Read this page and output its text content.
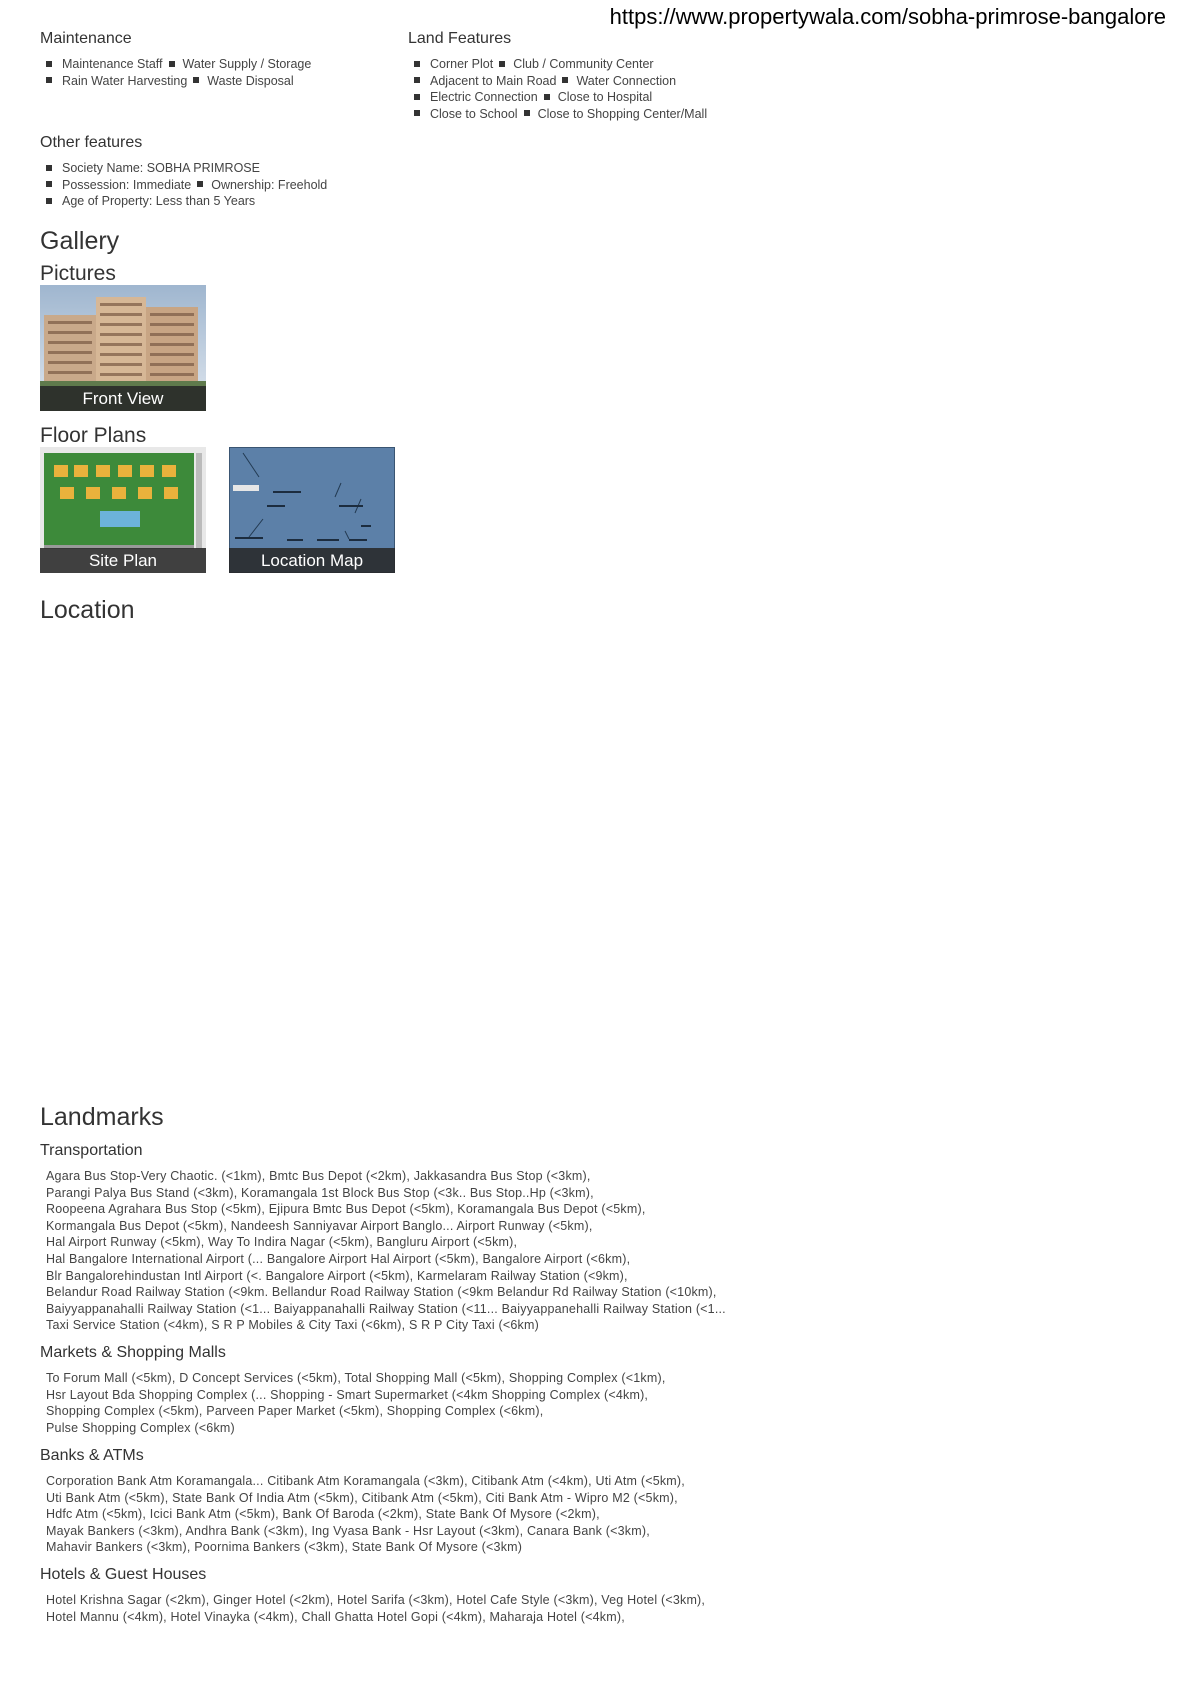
https://www.propertywala.com/sobha-primrose-bangalore
Maintenance
Maintenance Staff Water Supply / Storage
Rain Water Harvesting Waste Disposal
Land Features
Corner Plot Club / Community Center
Adjacent to Main Road Water Connection
Electric Connection Close to Hospital
Close to School Close to Shopping Center/Mall
Other features
Society Name: SOBHA PRIMROSE
Possession: Immediate Ownership: Freehold
Age of Property: Less than 5 Years
Gallery
Pictures
Front View
Floor Plans
Site Plan	Location Map
Location
Landmarks
Transportation
Agara Bus Stop-Very Chaotic. (<1km), Bmtc Bus Depot (<2km), Jakkasandra Bus Stop (<3km),
Parangi Palya Bus Stand (<3km), Koramangala 1st Block Bus Stop (<3k.. Bus Stop..Hp (<3km),
Roopeena Agrahara Bus Stop (<5km), Ejipura Bmtc Bus Depot (<5km), Koramangala Bus Depot (<5km),
Kormangala Bus Depot (<5km), Nandeesh Sanniyavar Airport Banglo... Airport Runway (<5km),
Hal Airport Runway (<5km), Way To Indira Nagar (<5km), Bangluru Airport (<5km),
Hal Bangalore International Airport (... Bangalore Airport Hal Airport (<5km), Bangalore Airport (<6km),
Blr Bangalorehindustan Intl Airport (<. Bangalore Airport (<5km), Karmelaram Railway Station (<9km),
Belandur Road Railway Station (<9km. Bellandur Road Railway Station (<9km Belandur Rd Railway Station (<10km),
Baiyyappanahalli Railway Station (<1... Baiyappanahalli Railway Station (<11... Baiyyappanehalli Railway Station (<1...
Taxi Service Station (<4km), S R P Mobiles & City Taxi (<6km), S R P City Taxi (<6km)
Markets & Shopping Malls
To Forum Mall (<5km), D Concept Services (<5km), Total Shopping Mall (<5km), Shopping Complex (<1km),
Hsr Layout Bda Shopping Complex (... Shopping - Smart Supermarket (<4km Shopping Complex (<4km),
Shopping Complex (<5km), Parveen Paper Market (<5km), Shopping Complex (<6km),
Pulse Shopping Complex (<6km)
Banks & ATMs
Corporation Bank Atm Koramangala... Citibank Atm Koramangala (<3km), Citibank Atm (<4km), Uti Atm (<5km),
Uti Bank Atm (<5km), State Bank Of India Atm (<5km), Citibank Atm (<5km), Citi Bank Atm - Wipro M2 (<5km),
Hdfc Atm (<5km), Icici Bank Atm (<5km), Bank Of Baroda (<2km), State Bank Of Mysore (<2km),
Mayak Bankers (<3km), Andhra Bank (<3km), Ing Vyasa Bank - Hsr Layout (<3km), Canara Bank (<3km),
Mahavir Bankers (<3km), Poornima Bankers (<3km), State Bank Of Mysore (<3km)
Hotels & Guest Houses
Hotel Krishna Sagar (<2km), Ginger Hotel (<2km), Hotel Sarifa (<3km), Hotel Cafe Style (<3km), Veg Hotel (<3km),
Hotel Mannu (<4km), Hotel Vinayka (<4km), Chall Ghatta Hotel Gopi (<4km), Maharaja Hotel (<4km),
